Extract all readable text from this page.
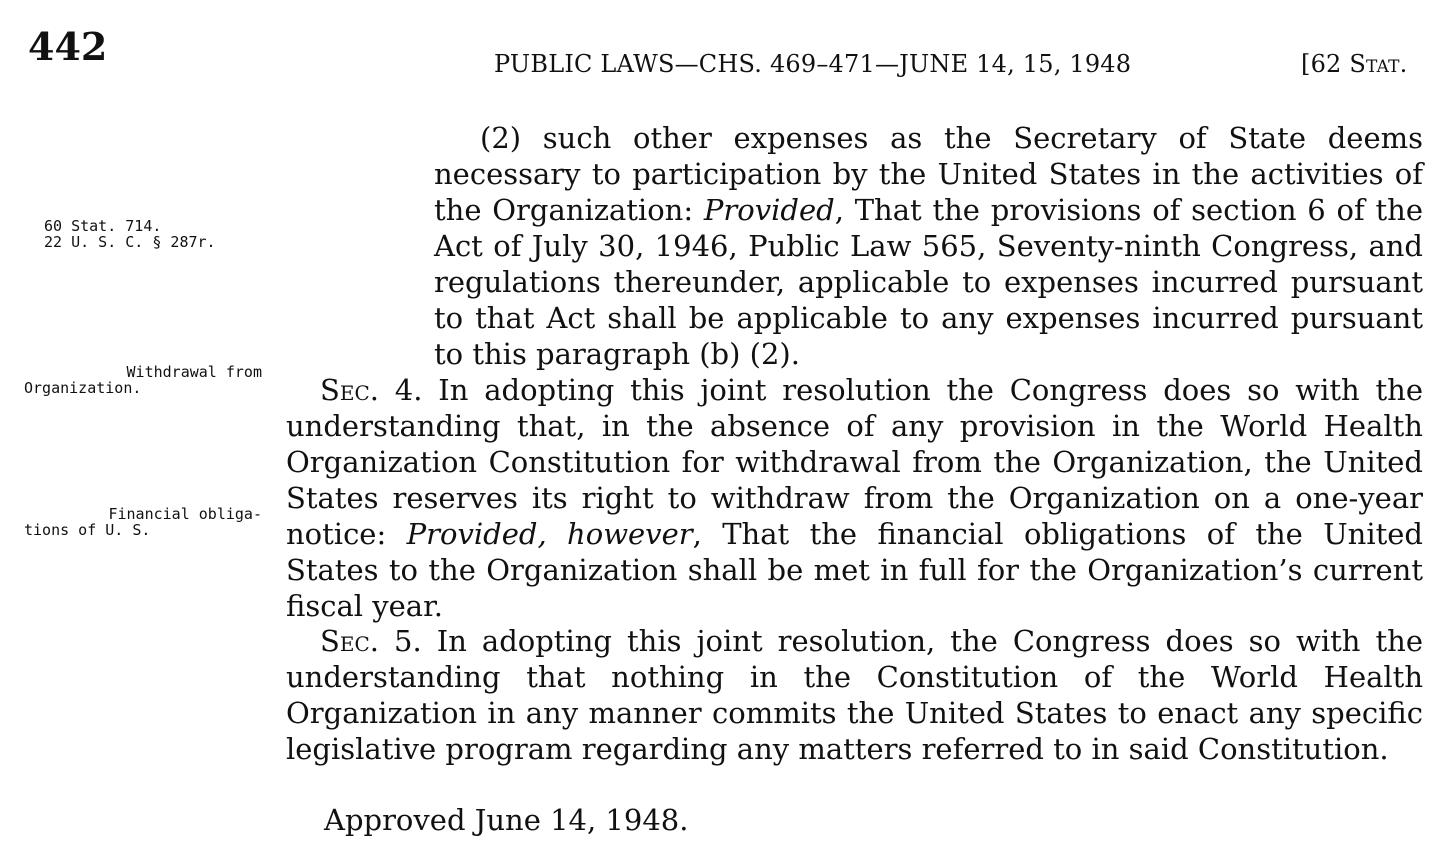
442	PUBLIC LAWS—CHS. 469–471—JUNE 14, 15, 1948	[62 Stat.
60 Stat. 714.
22 U. S. C. § 287r.
Withdrawal from
Organization.
Financial obliga-
tions of U. S.

(2) such other expenses as the Secretary of State deems necessary to participation by the United States in the activities of the Organization: Provided, That the provisions of section 6 of the Act of July 30, 1946, Public Law 565, Seventy-ninth Congress, and regulations thereunder, applicable to expenses incurred pursuant to that Act shall be applicable to any expenses incurred pursuant to this paragraph (b) (2).

Sec. 4. In adopting this joint resolution the Congress does so with the understanding that, in the absence of any provision in the World Health Organization Constitution for withdrawal from the Organization, the United States reserves its right to withdraw from the Organization on a one-year notice: Provided, however, That the financial obligations of the United States to the Organization shall be met in full for the Organization’s current fiscal year.

Sec. 5. In adopting this joint resolution, the Congress does so with the understanding that nothing in the Constitution of the World Health Organization in any manner commits the United States to enact any specific legislative program regarding any matters referred to in said Constitution.

Approved June 14, 1948.
